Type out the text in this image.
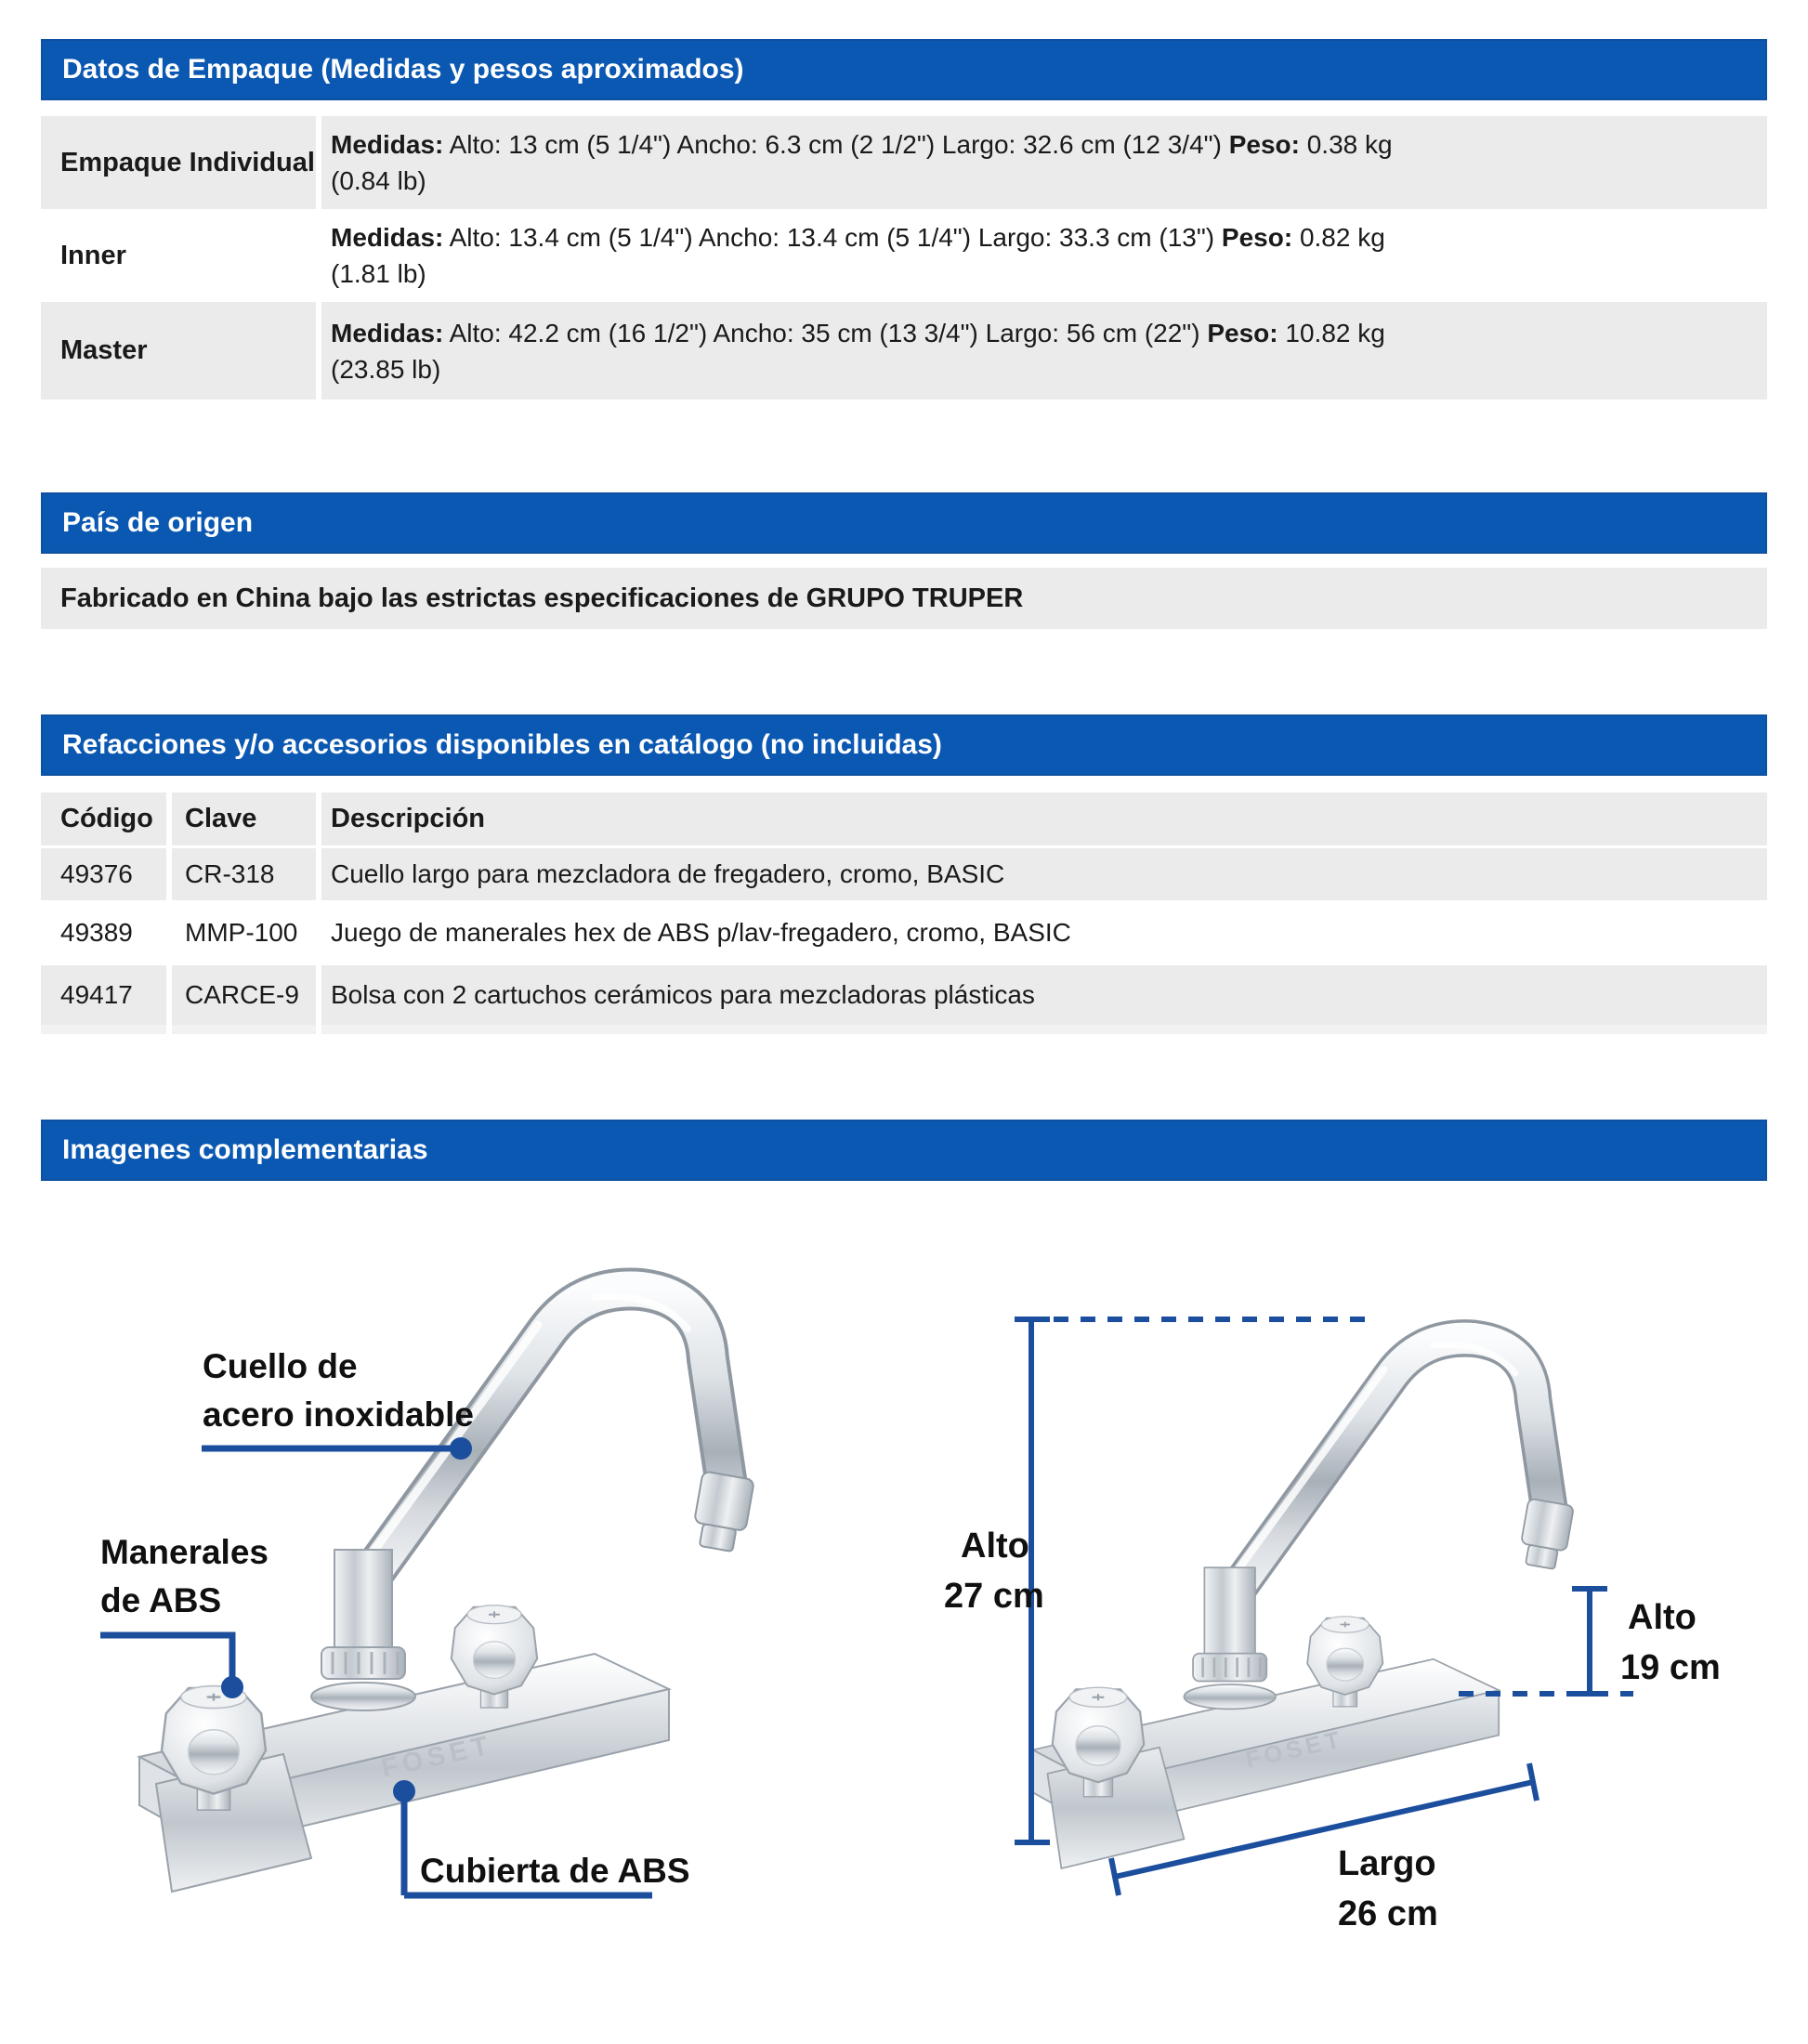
Datos de Empaque (Medidas y pesos aproximados)
Empaque Individual
Medidas: Alto: 13 cm (5 1/4") Ancho: 6.3 cm (2 1/2") Largo: 32.6 cm (12 3/4") Peso: 0.38 kg
(0.84 lb)
Inner
Medidas: Alto: 13.4 cm (5 1/4") Ancho: 13.4 cm (5 1/4") Largo: 33.3 cm (13") Peso: 0.82 kg
(1.81 lb)
Master
Medidas: Alto: 42.2 cm (16 1/2") Ancho: 35 cm (13 3/4") Largo: 56 cm (22") Peso: 10.82 kg
(23.85 lb)
País de origen
Fabricado en China bajo las estrictas especificaciones de GRUPO TRUPER
Refacciones y/o accesorios disponibles en catálogo (no incluidas)
Código	Clave	Descripción
49376	CR-318	Cuello largo para mezcladora de fregadero, cromo, BASIC
49389	MMP-100	Juego de manerales hex de ABS p/lav-fregadero, cromo, BASIC
49417	CARCE-9	Bolsa con 2 cartuchos cerámicos para mezcladoras plásticas
Imagenes complementarias
Cuello de
acero inoxidable
Manerales
de ABS
Cubierta de ABS
Alto
27 cm
Alto
19 cm
Largo
26 cm
